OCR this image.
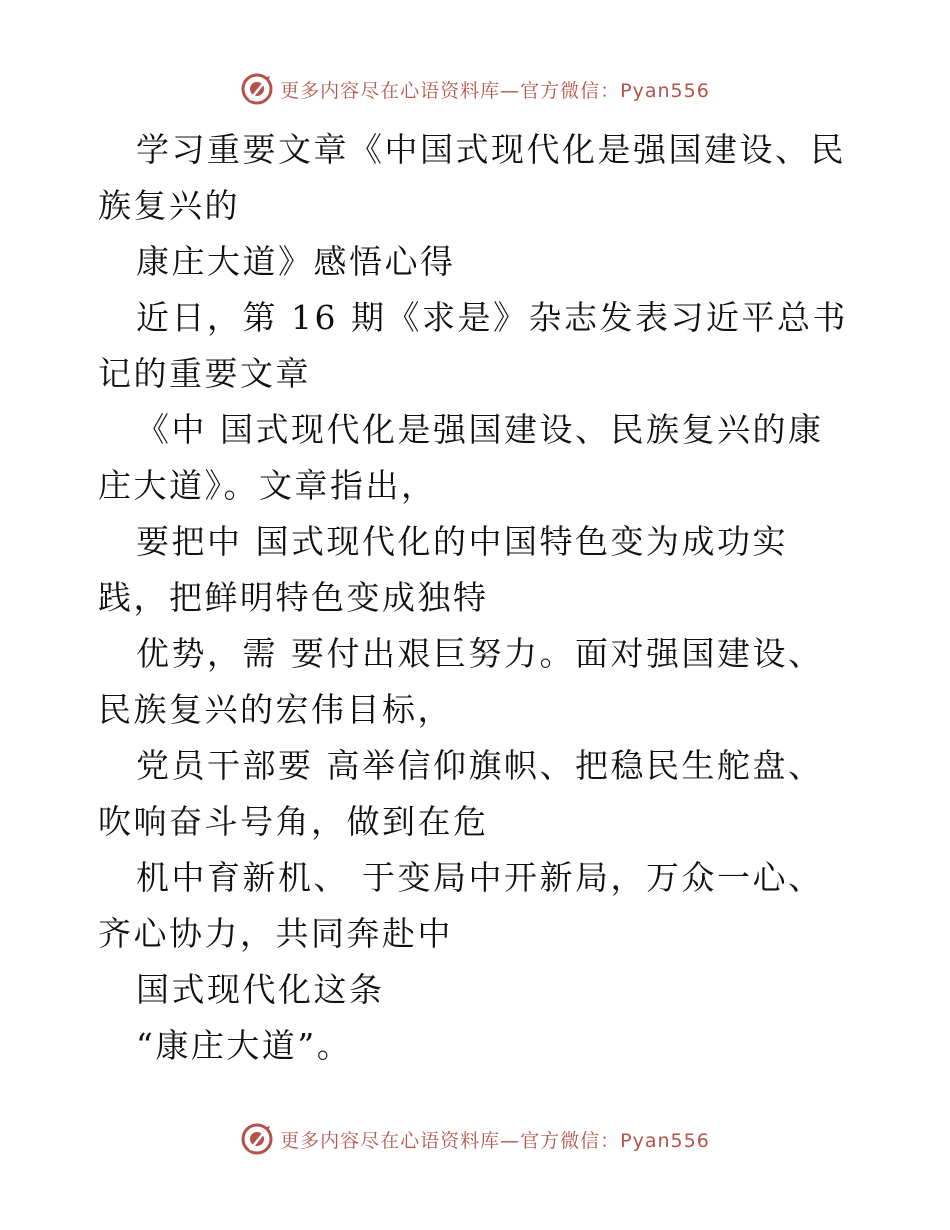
更多内容尽在心语资料库—官方微信：Pyan556

学习重要文章《中国式现代化是强国建设、民族复兴的

康庄大道》感悟心得

近日，第 16 期《求是》杂志发表习近平总书记的重要文章

《中 国式现代化是强国建设、民族复兴的康庄大道》。文章指出，

要把中 国式现代化的中国特色变为成功实践，把鲜明特色变成独特

优势，需 要付出艰巨努力。面对强国建设、民族复兴的宏伟目标，

党员干部要 高举信仰旗帜、把稳民生舵盘、吹响奋斗号角，做到在危

机中育新机、 于变局中开新局，万众一心、齐心协力，共同奔赴中

国式现代化这条

“康庄大道”。

更多内容尽在心语资料库—官方微信：Pyan556
